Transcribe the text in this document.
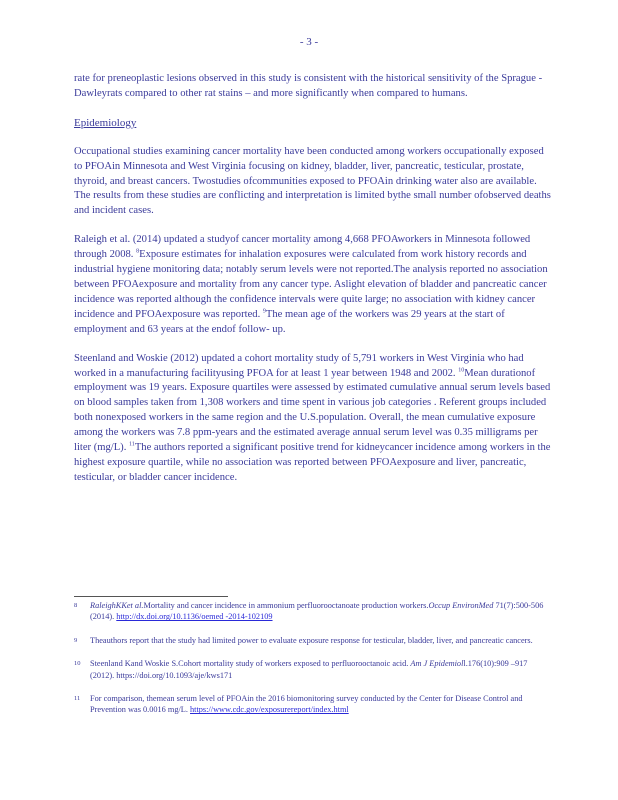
- 3 -

rate for preneoplastic lesions observed in this study is consistent with the historical sensitivity of the Sprague -Dawleyrats compared to other rat stains – and more significantly when compared to humans.

Epidemiology

Occupational studies examining cancer mortality have been conducted among workers occupationally exposed to PFOAin Minnesota and West Virginia focusing on kidney, bladder, liver, pancreatic, testicular, prostate, thyroid, and breast cancers. Twostudies ofcommunities exposed to PFOAin drinking water also are available. The results from these studies are conflicting and interpretation is limited bythe small number ofobserved deaths and incident cases.

Raleigh et al. (2014) updated a studyof cancer mortality among 4,668 PFOAworkers in Minnesota followed through 2008. $^8$Exposure estimates for inhalation exposures were calculated from work history records and industrial hygiene monitoring data; notably serum levels were not reported.The analysis reported no association between PFOAexposure and mortality from any cancer type. Aslight elevation of bladder and pancreatic cancer incidence was reported although the confidence intervals were quite large; no association with kidney cancer incidence and PFOAexposure was reported. $^9$The mean age of the workers was 29 years at the start of employment and 63 years at the endof follow- up.

Steenland and Woskie (2012) updated a cohort mortality study of 5,791 workers in West Virginia who had worked in a manufacturing facilityusing PFOA for at least 1 year between 1948 and 2002. $^{10}$Mean durationof employment was 19 years. Exposure quartiles were assessed by estimated cumulative annual serum levels based on blood samples taken from 1,308 workers and time spent in various job categories . Referent groups included both nonexposed workers in the same region and the U.S.population. Overall, the mean cumulative exposure among the workers was 7.8 ppm-years and the estimated average annual serum level was 0.35 milligrams per liter (mg/L). $^{11}$The authors reported a significant positive trend for kidneycancer incidence among workers in the highest exposure quartile, while no association was reported between PFOAexposure and liver, pancreatic, testicular, or bladder cancer incidence.

8	RaleighKKet al.Mortality and cancer incidence in ammonium perfluorooctanoate production workers.Occup EnvironMed 71(7):500-506 (2014). http://dx.doi.org/10.1136/oemed -2014-102109
9	Theauthors report that the study had limited power to evaluate exposure response for testicular, bladder, liver, and pancreatic cancers.
10	Steenland Kand Woskie S.Cohort mortality study of workers exposed to perfluorooctanoic acid. Am J Epidemioll.176(10):909 –917 (2012). https://doi.org/10.1093/aje/kws171
11	For comparison, themean serum level of PFOAin the 2016 biomonitoring survey conducted by the Center for Disease Control and Prevention was 0.0016 mg/L. https://www.cdc.gov/exposurereport/index.html
